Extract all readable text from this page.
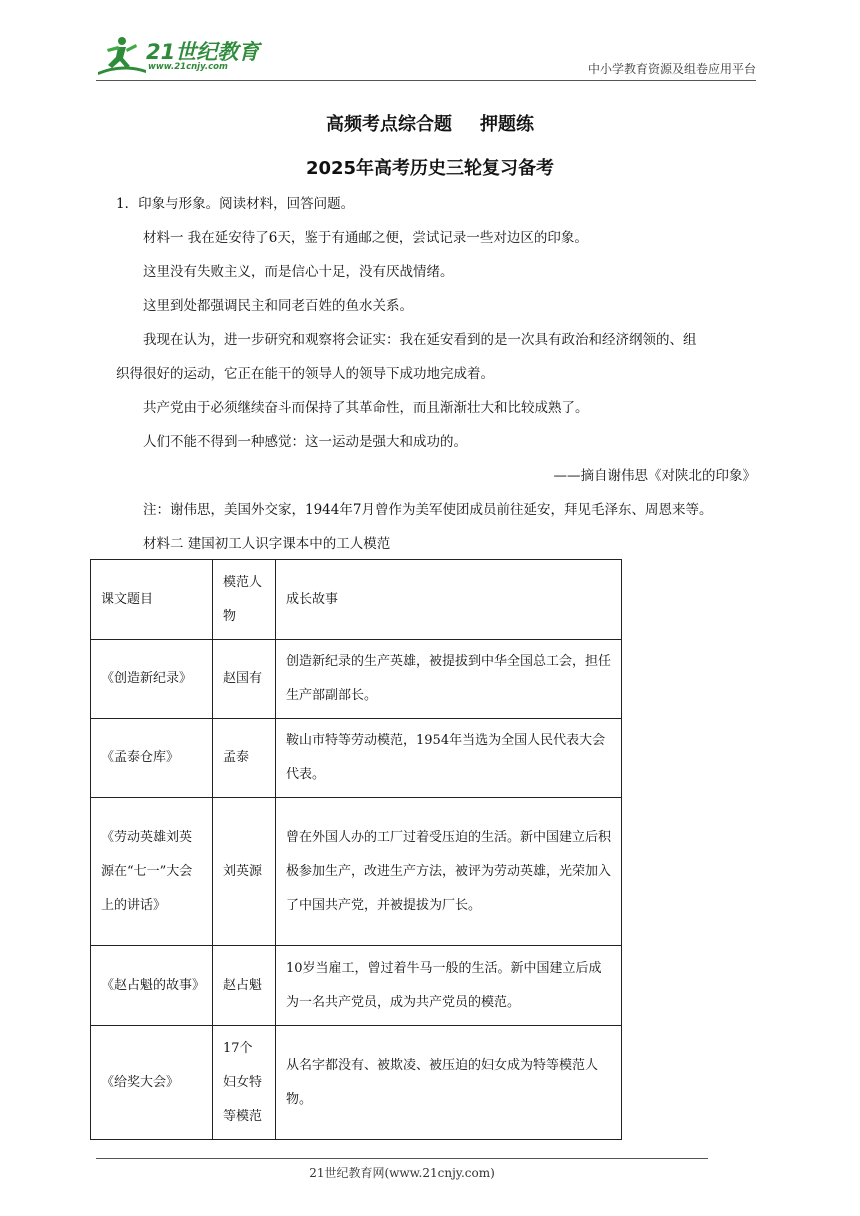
21世纪教育
www.21cnjy.com	中小学教育资源及组卷应用平台
高频考点综合题 押题练
2025年高考历史三轮复习备考
1．印象与形象。阅读材料，回答问题。
材料一 我在延安待了6天，鉴于有通邮之便，尝试记录一些对边区的印象。
这里没有失败主义，而是信心十足，没有厌战情绪。
这里到处都强调民主和同老百姓的鱼水关系。
我现在认为，进一步研究和观察将会证实：我在延安看到的是一次具有政治和经济纲领的、组
织得很好的运动，它正在能干的领导人的领导下成功地完成着。
共产党由于必须继续奋斗而保持了其革命性，而且渐渐壮大和比较成熟了。
人们不能不得到一种感觉：这一运动是强大和成功的。
——摘自谢伟思《对陕北的印象》
注：谢伟思，美国外交家，1944年7月曾作为美军使团成员前往延安，拜见毛泽东、周恩来等。
材料二 建国初工人识字课本中的工人模范
课文题目	模范人物	成长故事
《创造新纪录》	赵国有	创造新纪录的生产英雄，被提拔到中华全国总工会，担任生产部副部长。
《孟泰仓库》	孟泰	鞍山市特等劳动模范，1954年当选为全国人民代表大会代表。
《劳动英雄刘英源在“七一”大会上的讲话》	刘英源	曾在外国人办的工厂过着受压迫的生活。新中国建立后积极参加生产，改进生产方法，被评为劳动英雄，光荣加入了中国共产党，并被提拔为厂长。
《赵占魁的故事》	赵占魁	10岁当雇工，曾过着牛马一般的生活。新中国建立后成为一名共产党员，成为共产党员的模范。
《给奖大会》	17个妇女特等模范	从名字都没有、被欺凌、被压迫的妇女成为特等模范人物。
21世纪教育网(www.21cnjy.com)
